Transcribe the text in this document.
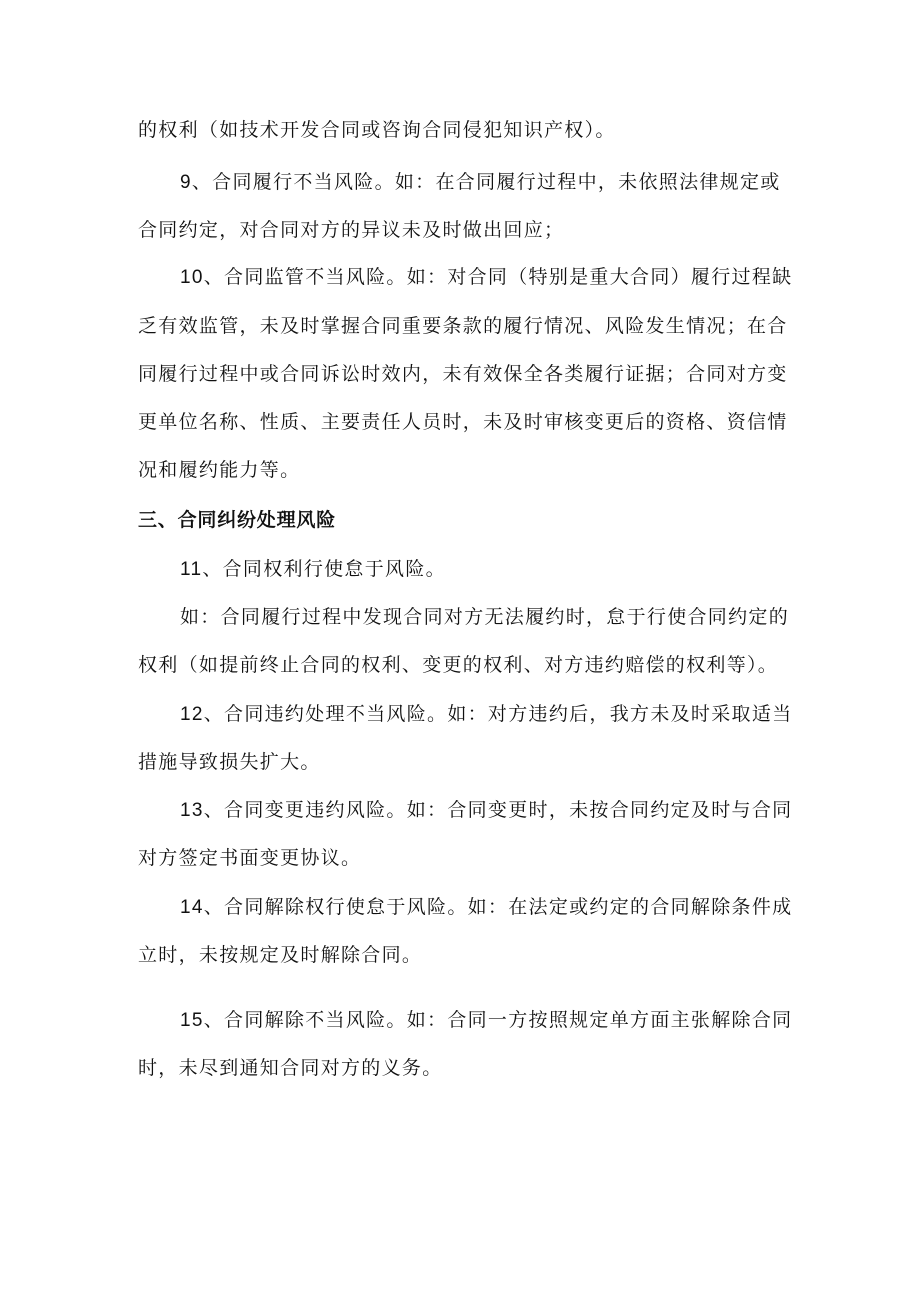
的权利（如技术开发合同或咨询合同侵犯知识产权）。
9、合同履行不当风险。如：在合同履行过程中，未依照法律规定或
合同约定，对合同对方的异议未及时做出回应；
10、合同监管不当风险。如：对合同（特别是重大合同）履行过程缺
乏有效监管，未及时掌握合同重要条款的履行情况、风险发生情况；在合
同履行过程中或合同诉讼时效内，未有效保全各类履行证据；合同对方变
更单位名称、性质、主要责任人员时，未及时审核变更后的资格、资信情
况和履约能力等。
三、合同纠纷处理风险
11、合同权利行使怠于风险。
如：合同履行过程中发现合同对方无法履约时，怠于行使合同约定的
权利（如提前终止合同的权利、变更的权利、对方违约赔偿的权利等）。
12、合同违约处理不当风险。如：对方违约后，我方未及时采取适当
措施导致损失扩大。
13、合同变更违约风险。如：合同变更时，未按合同约定及时与合同
对方签定书面变更协议。
14、合同解除权行使怠于风险。如：在法定或约定的合同解除条件成
立时，未按规定及时解除合同。
15、合同解除不当风险。如：合同一方按照规定单方面主张解除合同
时，未尽到通知合同对方的义务。
